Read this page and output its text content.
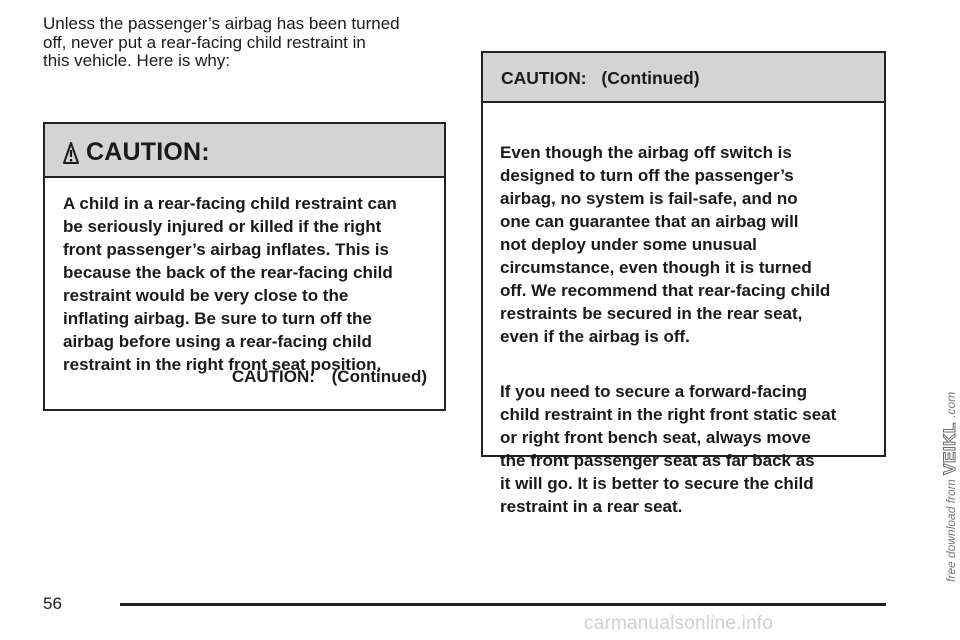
Unless the passenger’s airbag has been turned
off, never put a rear-facing child restraint in
this vehicle. Here is why:
CAUTION:
A child in a rear-facing child restraint can
be seriously injured or killed if the right
front passenger’s airbag inflates. This is
because the back of the rear-facing child
restraint would be very close to the
inflating airbag. Be sure to turn off the
airbag before using a rear-facing child
restraint in the right front seat position.
CAUTION: (Continued)
CAUTION: (Continued)

Even though the airbag off switch is
designed to turn off the passenger’s
airbag, no system is fail-safe, and no
one can guarantee that an airbag will
not deploy under some unusual
circumstance, even though it is turned
off. We recommend that rear-facing child
restraints be secured in the rear seat,
even if the airbag is off.

If you need to secure a forward-facing
child restraint in the right front static seat
or right front bench seat, always move
the front passenger seat as far back as
it will go. It is better to secure the child
restraint in a rear seat.

56
carmanualsonline.info
free download from VEIKL .com
